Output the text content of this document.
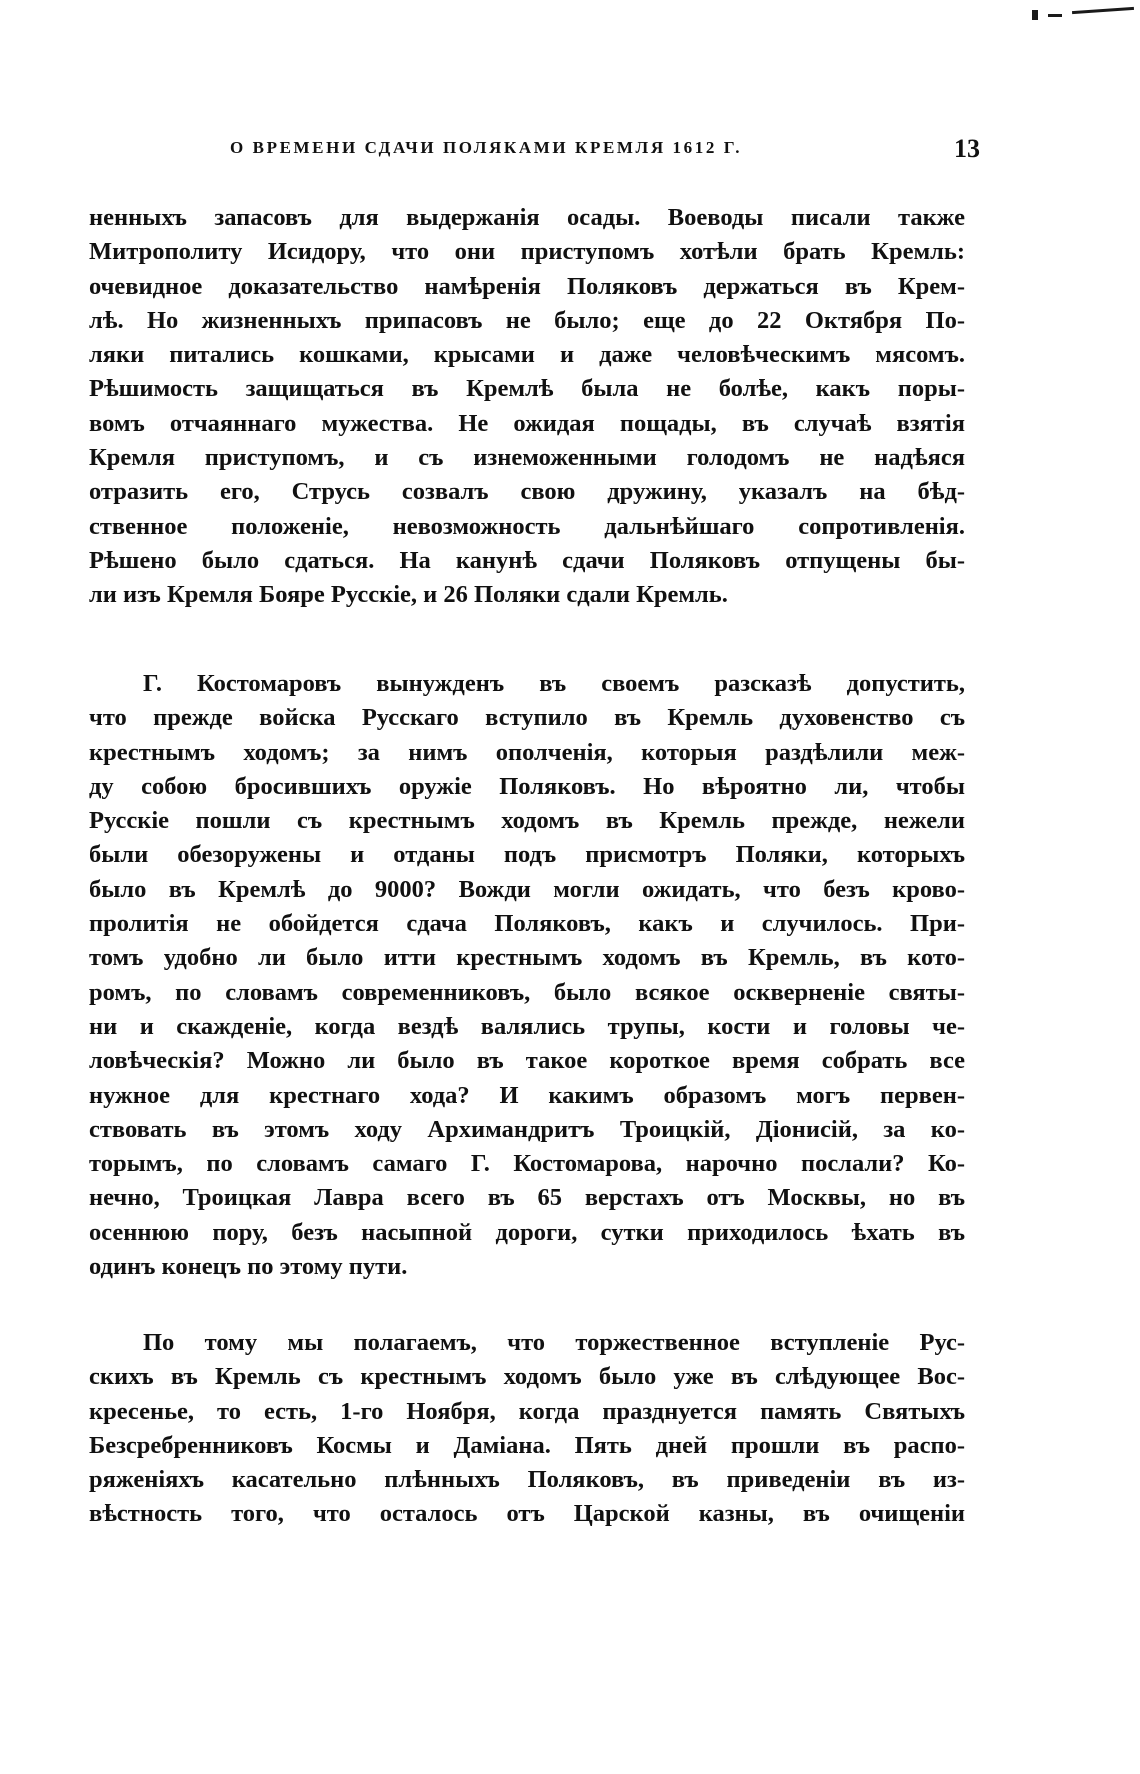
О ВРЕМЕНИ СДАЧИ ПОЛЯКАМИ КРЕМЛЯ 1612 Г.	13
ненныхъ запасовъ для выдержанія осады. Воеводы писали также
Митрополиту Исидору, что они приступомъ хотѣли брать Кремль:
очевидное доказательство намѣренія Поляковъ держаться въ Крем-
лѣ. Но жизненныхъ припасовъ не было; еще до 22 Октября По-
ляки питались кошками, крысами и даже человѣческимъ мясомъ.
Рѣшимость защищаться въ Кремлѣ была не болѣе, какъ поры-
вомъ отчаяннаго мужества. Не ожидая пощады, въ случаѣ взятія
Кремля приступомъ, и съ изнеможенными голодомъ не надѣяся
отразить его, Струсь созвалъ свою дружину, указалъ на бѣд-
ственное положеніе, невозможность дальнѣйшаго сопротивленія.
Рѣшено было сдаться. На канунѣ сдачи Поляковъ отпущены бы-
ли изъ Кремля Бояре Русскіе, и 26 Поляки сдали Кремль.
Г. Костомаровъ вынужденъ въ своемъ разсказѣ допустить,
что прежде войска Русскаго вступило въ Кремль духовенство съ
крестнымъ ходомъ; за нимъ ополченія, которыя раздѣлили меж-
ду собою бросившихъ оружіе Поляковъ. Но вѣроятно ли, чтобы
Русскіе пошли съ крестнымъ ходомъ въ Кремль прежде, нежели
были обезоружены и отданы подъ присмотръ Поляки, которыхъ
было въ Кремлѣ до 9000? Вожди могли ожидать, что безъ крово-
пролитія не обойдется сдача Поляковъ, какъ и случилось. При-
томъ удобно ли было итти крестнымъ ходомъ въ Кремль, въ кото-
ромъ, по словамъ современниковъ, было всякое оскверненіе святы-
ни и скажденіе, когда вездѣ валялись трупы, кости и головы че-
ловѣческія? Можно ли было въ такое короткое время собрать все
нужное для крестнаго хода? И какимъ образомъ могъ первен-
ствовать въ этомъ ходу Архимандритъ Троицкій, Діонисій, за ко-
торымъ, по словамъ самаго Г. Костомарова, нарочно послали? Ко-
нечно, Троицкая Лавра всего въ 65 верстахъ отъ Москвы, но въ
осеннюю пору, безъ насыпной дороги, сутки приходилось ѣхать въ
одинъ конецъ по этому пути.
По тому мы полагаемъ, что торжественное вступленіе Рус-
скихъ въ Кремль съ крестнымъ ходомъ было уже въ слѣдующее Вос-
кресенье, то есть, 1-го Ноября, когда празднуется память Святыхъ
Безсребренниковъ Космы и Даміана. Пять дней прошли въ распо-
ряженіяхъ касательно плѣнныхъ Поляковъ, въ приведеніи въ из-
вѣстность того, что осталось отъ Царской казны, въ очищеніи
